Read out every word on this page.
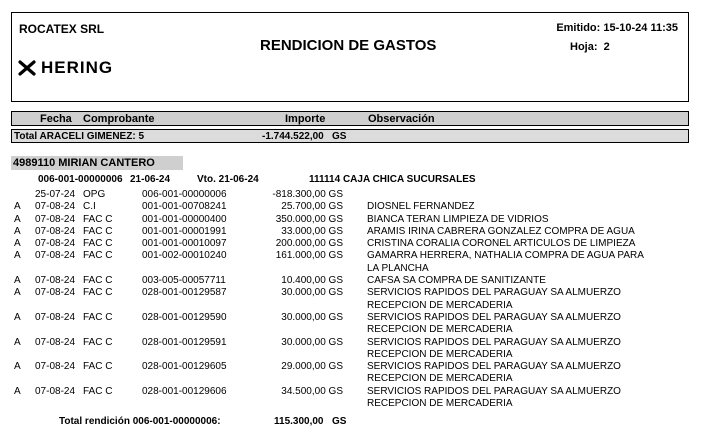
ROCATEX SRL
RENDICION DE GASTOS
Emitido: 15-10-24 11:35
Hoja: 2
HERING
Fecha Comprobante	Importe	Observación
Total ARACELI GIMENEZ: 5	-1.744.522,00 GS
4989110 MIRIAN CANTERO
006-001-00000006 21-06-24	Vto. 21-06-24	111114 CAJA CHICA SUCURSALES
25-07-24 OPG	006-001-00000006	-818.300,00 GS
A 07-08-24 C.I	001-001-00708241	25.700,00 GS DIOSNEL FERNANDEZ
A 07-08-24 FAC C	001-001-00000400	350.000,00 GS BIANCA TERAN LIMPIEZA DE VIDRIOS
A 07-08-24 FAC C	001-001-00001991	33.000,00 GS ARAMIS IRINA CABRERA GONZALEZ COMPRA DE AGUA
A 07-08-24 FAC C	001-001-00010097	200.000,00 GS CRISTINA CORALIA CORONEL ARTICULOS DE LIMPIEZA
A 07-08-24 FAC C	001-002-00010240	161.000,00 GS GAMARRA HERRERA, NATHALIA COMPRA DE AGUA PARA
LA PLANCHA
A 07-08-24 FAC C	003-005-00057711	10.400,00 GS CAFSA SA COMPRA DE SANITIZANTE
A 07-08-24 FAC C	028-001-00129587	30.000,00 GS SERVICIOS RAPIDOS DEL PARAGUAY SA ALMUERZO
RECEPCION DE MERCADERIA
A 07-08-24 FAC C	028-001-00129590	30.000,00 GS SERVICIOS RAPIDOS DEL PARAGUAY SA ALMUERZO
RECEPCION DE MERCADERIA
A 07-08-24 FAC C	028-001-00129591	30.000,00 GS SERVICIOS RAPIDOS DEL PARAGUAY SA ALMUERZO
RECEPCION DE MERCADERIA
A 07-08-24 FAC C	028-001-00129605	29.000,00 GS SERVICIOS RAPIDOS DEL PARAGUAY SA ALMUERZO
RECEPCION DE MERCADERIA
A 07-08-24 FAC C	028-001-00129606	34.500,00 GS SERVICIOS RAPIDOS DEL PARAGUAY SA ALMUERZO
RECEPCION DE MERCADERIA
Total rendición 006-001-00000006:	115.300,00 GS
